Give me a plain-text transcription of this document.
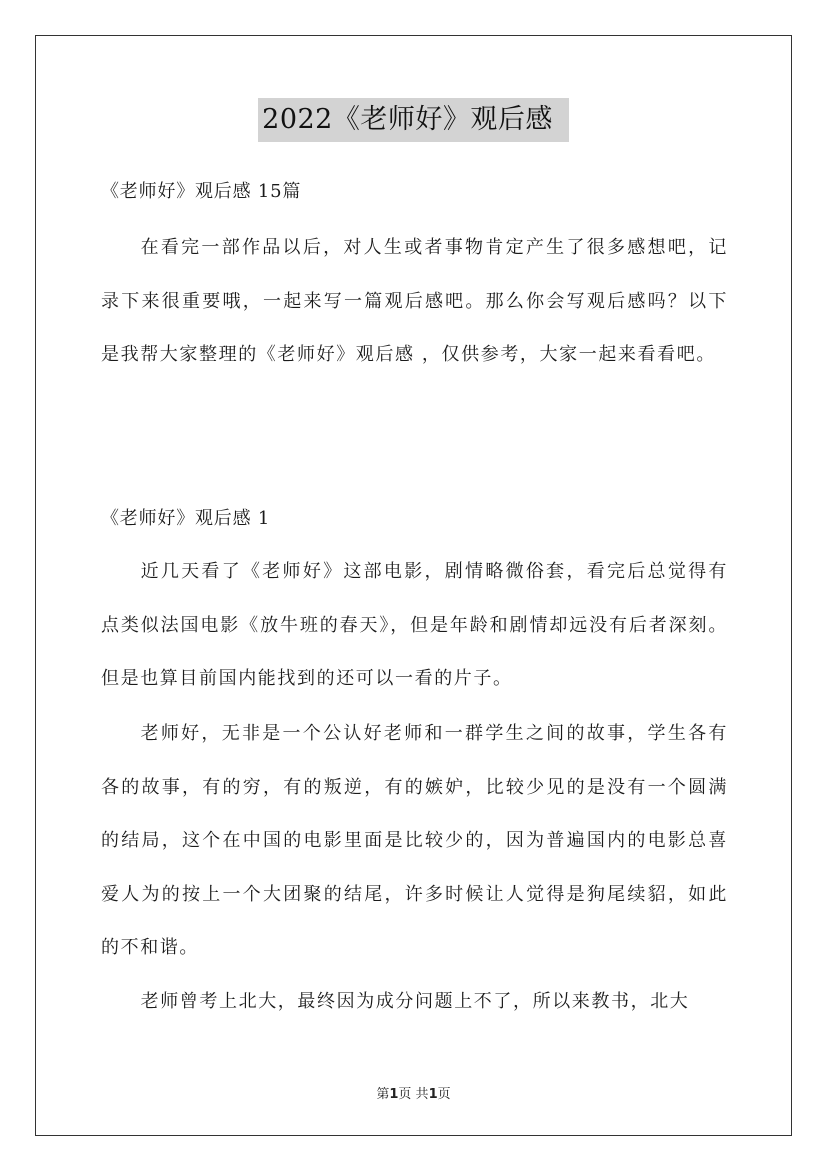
2022《老师好》观后感

《老师好》观后感 15篇

在看完一部作品以后，对人生或者事物肯定产生了很多感想吧，记录下来很重要哦，一起来写一篇观后感吧。那么你会写观后感吗？以下是我帮大家整理的《老师好》观后感 ，仅供参考，大家一起来看看吧。

《老师好》观后感 1

近几天看了《老师好》这部电影，剧情略微俗套，看完后总觉得有点类似法国电影《放牛班的春天》，但是年龄和剧情却远没有后者深刻。但是也算目前国内能找到的还可以一看的片子。

老师好，无非是一个公认好老师和一群学生之间的故事，学生各有各的故事，有的穷，有的叛逆，有的嫉妒，比较少见的是没有一个圆满的结局，这个在中国的电影里面是比较少的，因为普遍国内的电影总喜爱人为的按上一个大团聚的结尾，许多时候让人觉得是狗尾续貂，如此的不和谐。

老师曾考上北大，最终因为成分问题上不了，所以来教书，北大

第1页 共1页
